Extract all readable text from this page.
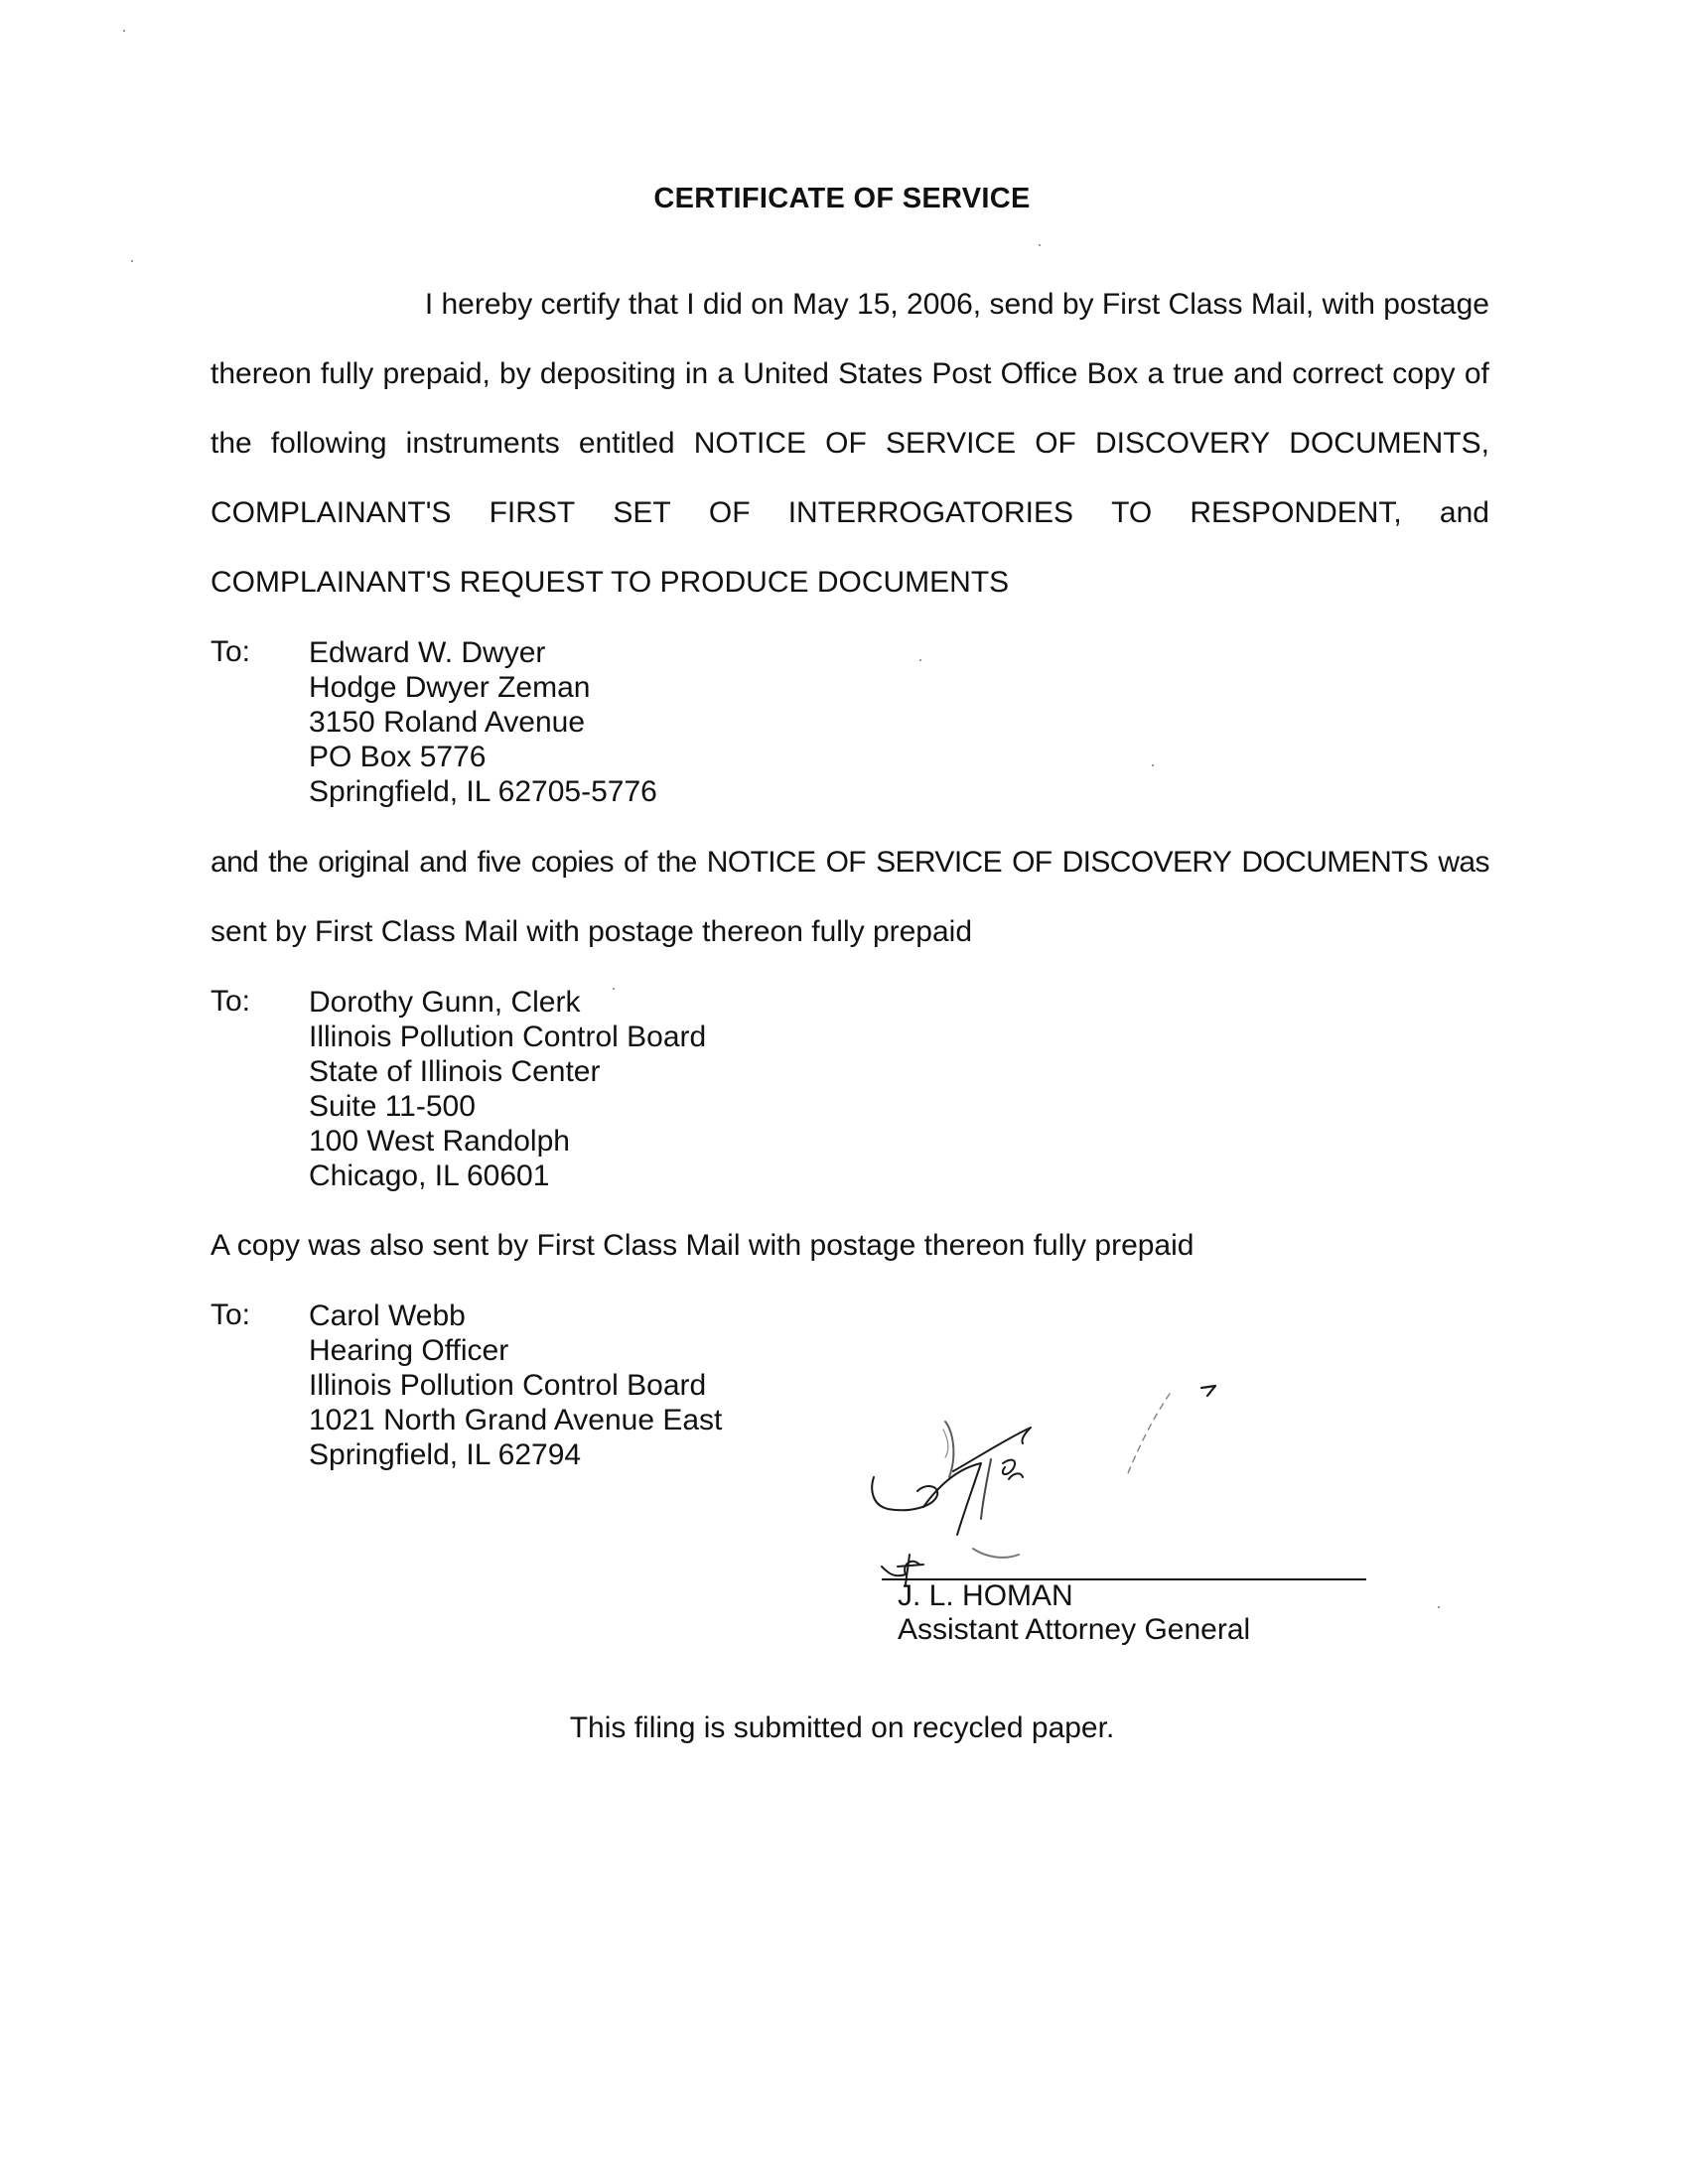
CERTIFICATE OF SERVICE
I hereby certify that I did on May 15, 2006, send by First Class Mail, with postage
thereon fully prepaid, by depositing in a United States Post Office Box a true and correct copy of
the following instruments entitled NOTICE OF SERVICE OF DISCOVERY DOCUMENTS,
COMPLAINANT'S FIRST SET OF INTERROGATORIES TO RESPONDENT, and
COMPLAINANT'S REQUEST TO PRODUCE DOCUMENTS
To: Edward W. Dwyer
Hodge Dwyer Zeman
3150 Roland Avenue
PO Box 5776
Springfield, IL 62705-5776
and the original and five copies of the NOTICE OF SERVICE OF DISCOVERY DOCUMENTS was
sent by First Class Mail with postage thereon fully prepaid
To: Dorothy Gunn, Clerk
Illinois Pollution Control Board
State of Illinois Center
Suite 11-500
100 West Randolph
Chicago, IL 60601
A copy was also sent by First Class Mail with postage thereon fully prepaid
To: Carol Webb
Hearing Officer
Illinois Pollution Control Board
1021 North Grand Avenue East
Springfield, IL 62794
J. L. HOMAN
Assistant Attorney General
This filing is submitted on recycled paper.
